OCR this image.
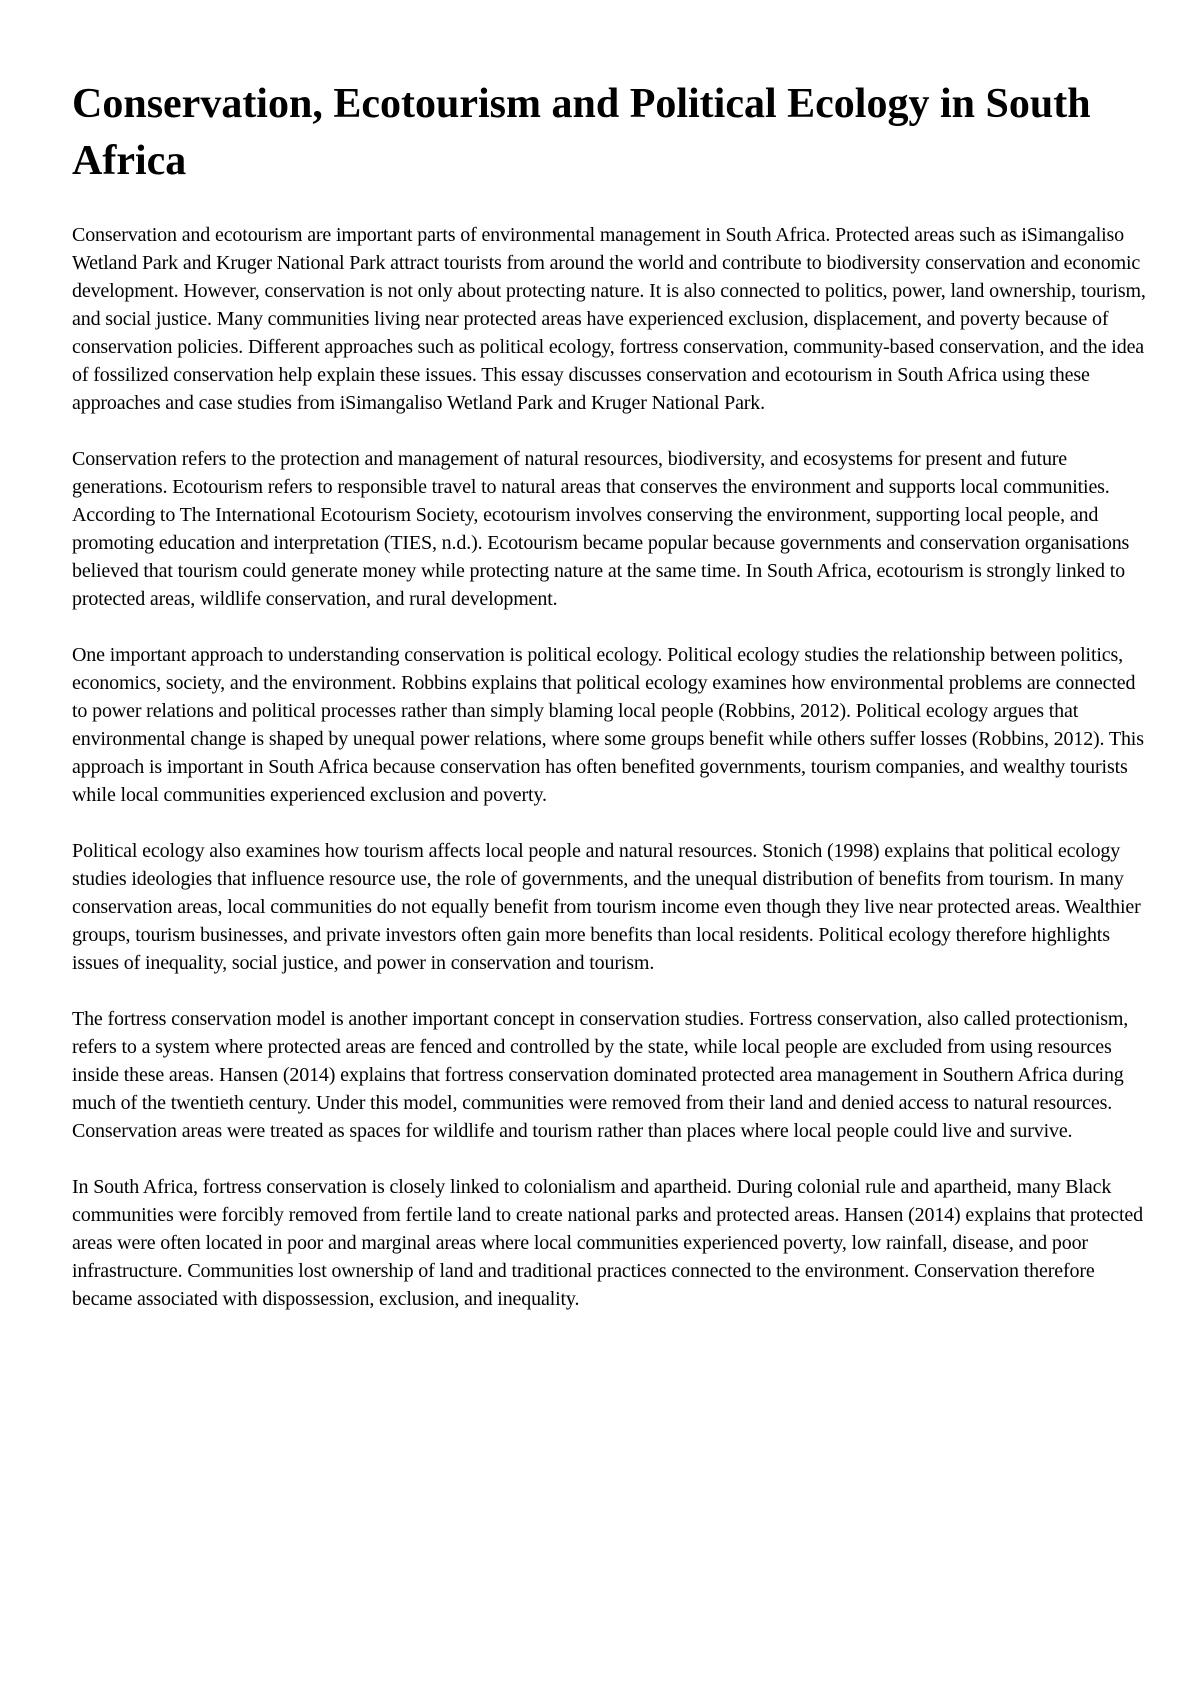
Conservation, Ecotourism and Political Ecology in South Africa

Conservation and ecotourism are important parts of environmental management in South Africa. Protected areas such as iSimangaliso Wetland Park and Kruger National Park attract tourists from around the world and contribute to biodiversity conservation and economic development. However, conservation is not only about protecting nature. It is also connected to politics, power, land ownership, tourism, and social justice. Many communities living near protected areas have experienced exclusion, displacement, and poverty because of conservation policies. Different approaches such as political ecology, fortress conservation, community-based conservation, and the idea of fossilized conservation help explain these issues. This essay discusses conservation and ecotourism in South Africa using these approaches and case studies from iSimangaliso Wetland Park and Kruger National Park.

Conservation refers to the protection and management of natural resources, biodiversity, and ecosystems for present and future generations. Ecotourism refers to responsible travel to natural areas that conserves the environment and supports local communities. According to The International Ecotourism Society, ecotourism involves conserving the environment, supporting local people, and promoting education and interpretation (TIES, n.d.). Ecotourism became popular because governments and conservation organisations believed that tourism could generate money while protecting nature at the same time. In South Africa, ecotourism is strongly linked to protected areas, wildlife conservation, and rural development.

One important approach to understanding conservation is political ecology. Political ecology studies the relationship between politics, economics, society, and the environment. Robbins explains that political ecology examines how environmental problems are connected to power relations and political processes rather than simply blaming local people (Robbins, 2012). Political ecology argues that environmental change is shaped by unequal power relations, where some groups benefit while others suffer losses (Robbins, 2012). This approach is important in South Africa because conservation has often benefited governments, tourism companies, and wealthy tourists while local communities experienced exclusion and poverty.

Political ecology also examines how tourism affects local people and natural resources. Stonich (1998) explains that political ecology studies ideologies that influence resource use, the role of governments, and the unequal distribution of benefits from tourism. In many conservation areas, local communities do not equally benefit from tourism income even though they live near protected areas. Wealthier groups, tourism businesses, and private investors often gain more benefits than local residents. Political ecology therefore highlights issues of inequality, social justice, and power in conservation and tourism.

The fortress conservation model is another important concept in conservation studies. Fortress conservation, also called protectionism, refers to a system where protected areas are fenced and controlled by the state, while local people are excluded from using resources inside these areas. Hansen (2014) explains that fortress conservation dominated protected area management in Southern Africa during much of the twentieth century. Under this model, communities were removed from their land and denied access to natural resources. Conservation areas were treated as spaces for wildlife and tourism rather than places where local people could live and survive.

In South Africa, fortress conservation is closely linked to colonialism and apartheid. During colonial rule and apartheid, many Black communities were forcibly removed from fertile land to create national parks and protected areas. Hansen (2014) explains that protected areas were often located in poor and marginal areas where local communities experienced poverty, low rainfall, disease, and poor infrastructure. Communities lost ownership of land and traditional practices connected to the environment. Conservation therefore became associated with dispossession, exclusion, and inequality.
